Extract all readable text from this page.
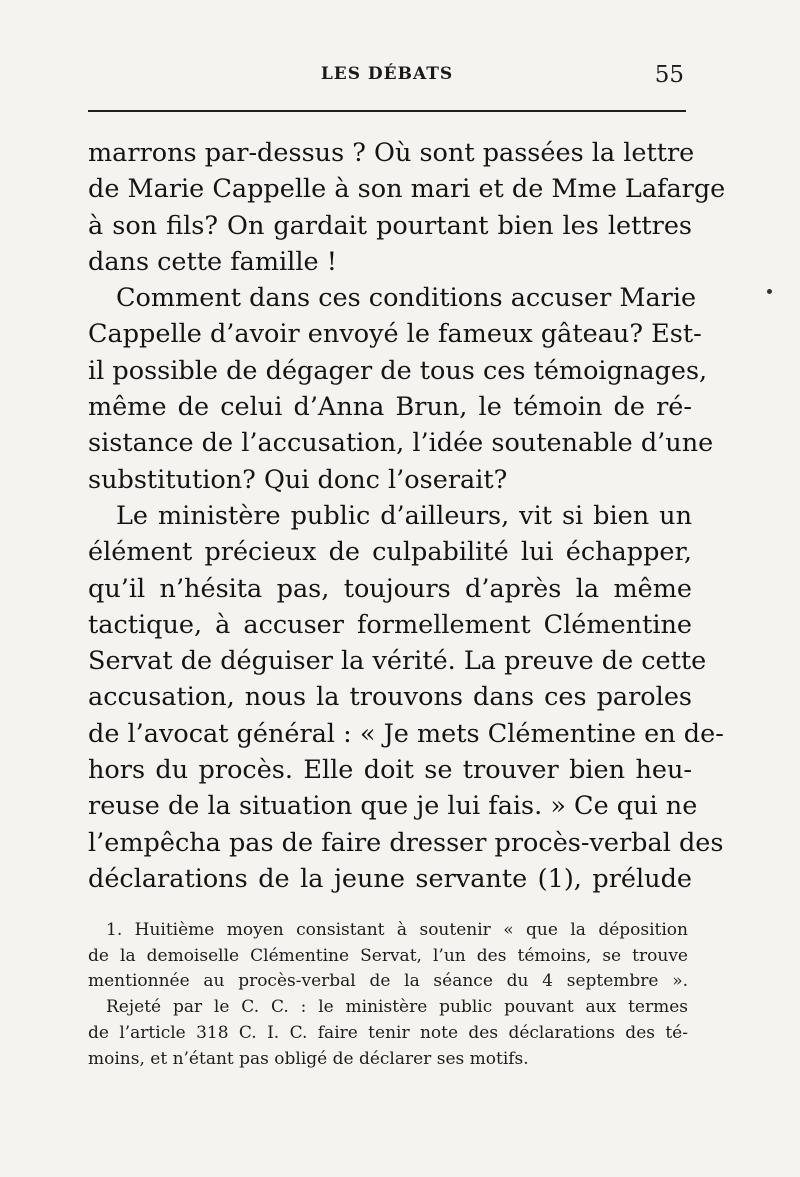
LES DÉBATS	55
marrons par-dessus ? Où sont passées la lettre
de Marie Cappelle à son mari et de Mme Lafarge
à son fils? On gardait pourtant bien les lettres
dans cette famille !
Comment dans ces conditions accuser Marie
Cappelle d’avoir envoyé le fameux gâteau? Est-
il possible de dégager de tous ces témoignages,
même de celui d’Anna Brun, le témoin de ré-
sistance de l’accusation, l’idée soutenable d’une
substitution? Qui donc l’oserait?
Le ministère public d’ailleurs, vit si bien un
élément précieux de culpabilité lui échapper,
qu’il n’hésita pas, toujours d’après la même
tactique, à accuser formellement Clémentine
Servat de déguiser la vérité. La preuve de cette
accusation, nous la trouvons dans ces paroles
de l’avocat général : « Je mets Clémentine en de-
hors du procès. Elle doit se trouver bien heu-
reuse de la situation que je lui fais. » Ce qui ne
l’empêcha pas de faire dresser procès-verbal des
déclarations de la jeune servante (1), prélude
1. Huitième moyen consistant à soutenir « que la déposition
de la demoiselle Clémentine Servat, l’un des témoins, se trouve
mentionnée au procès-verbal de la séance du 4 septembre ».
Rejeté par le C. C. : le ministère public pouvant aux termes
de l’article 318 C. I. C. faire tenir note des déclarations des té-
moins, et n’étant pas obligé de déclarer ses motifs.
